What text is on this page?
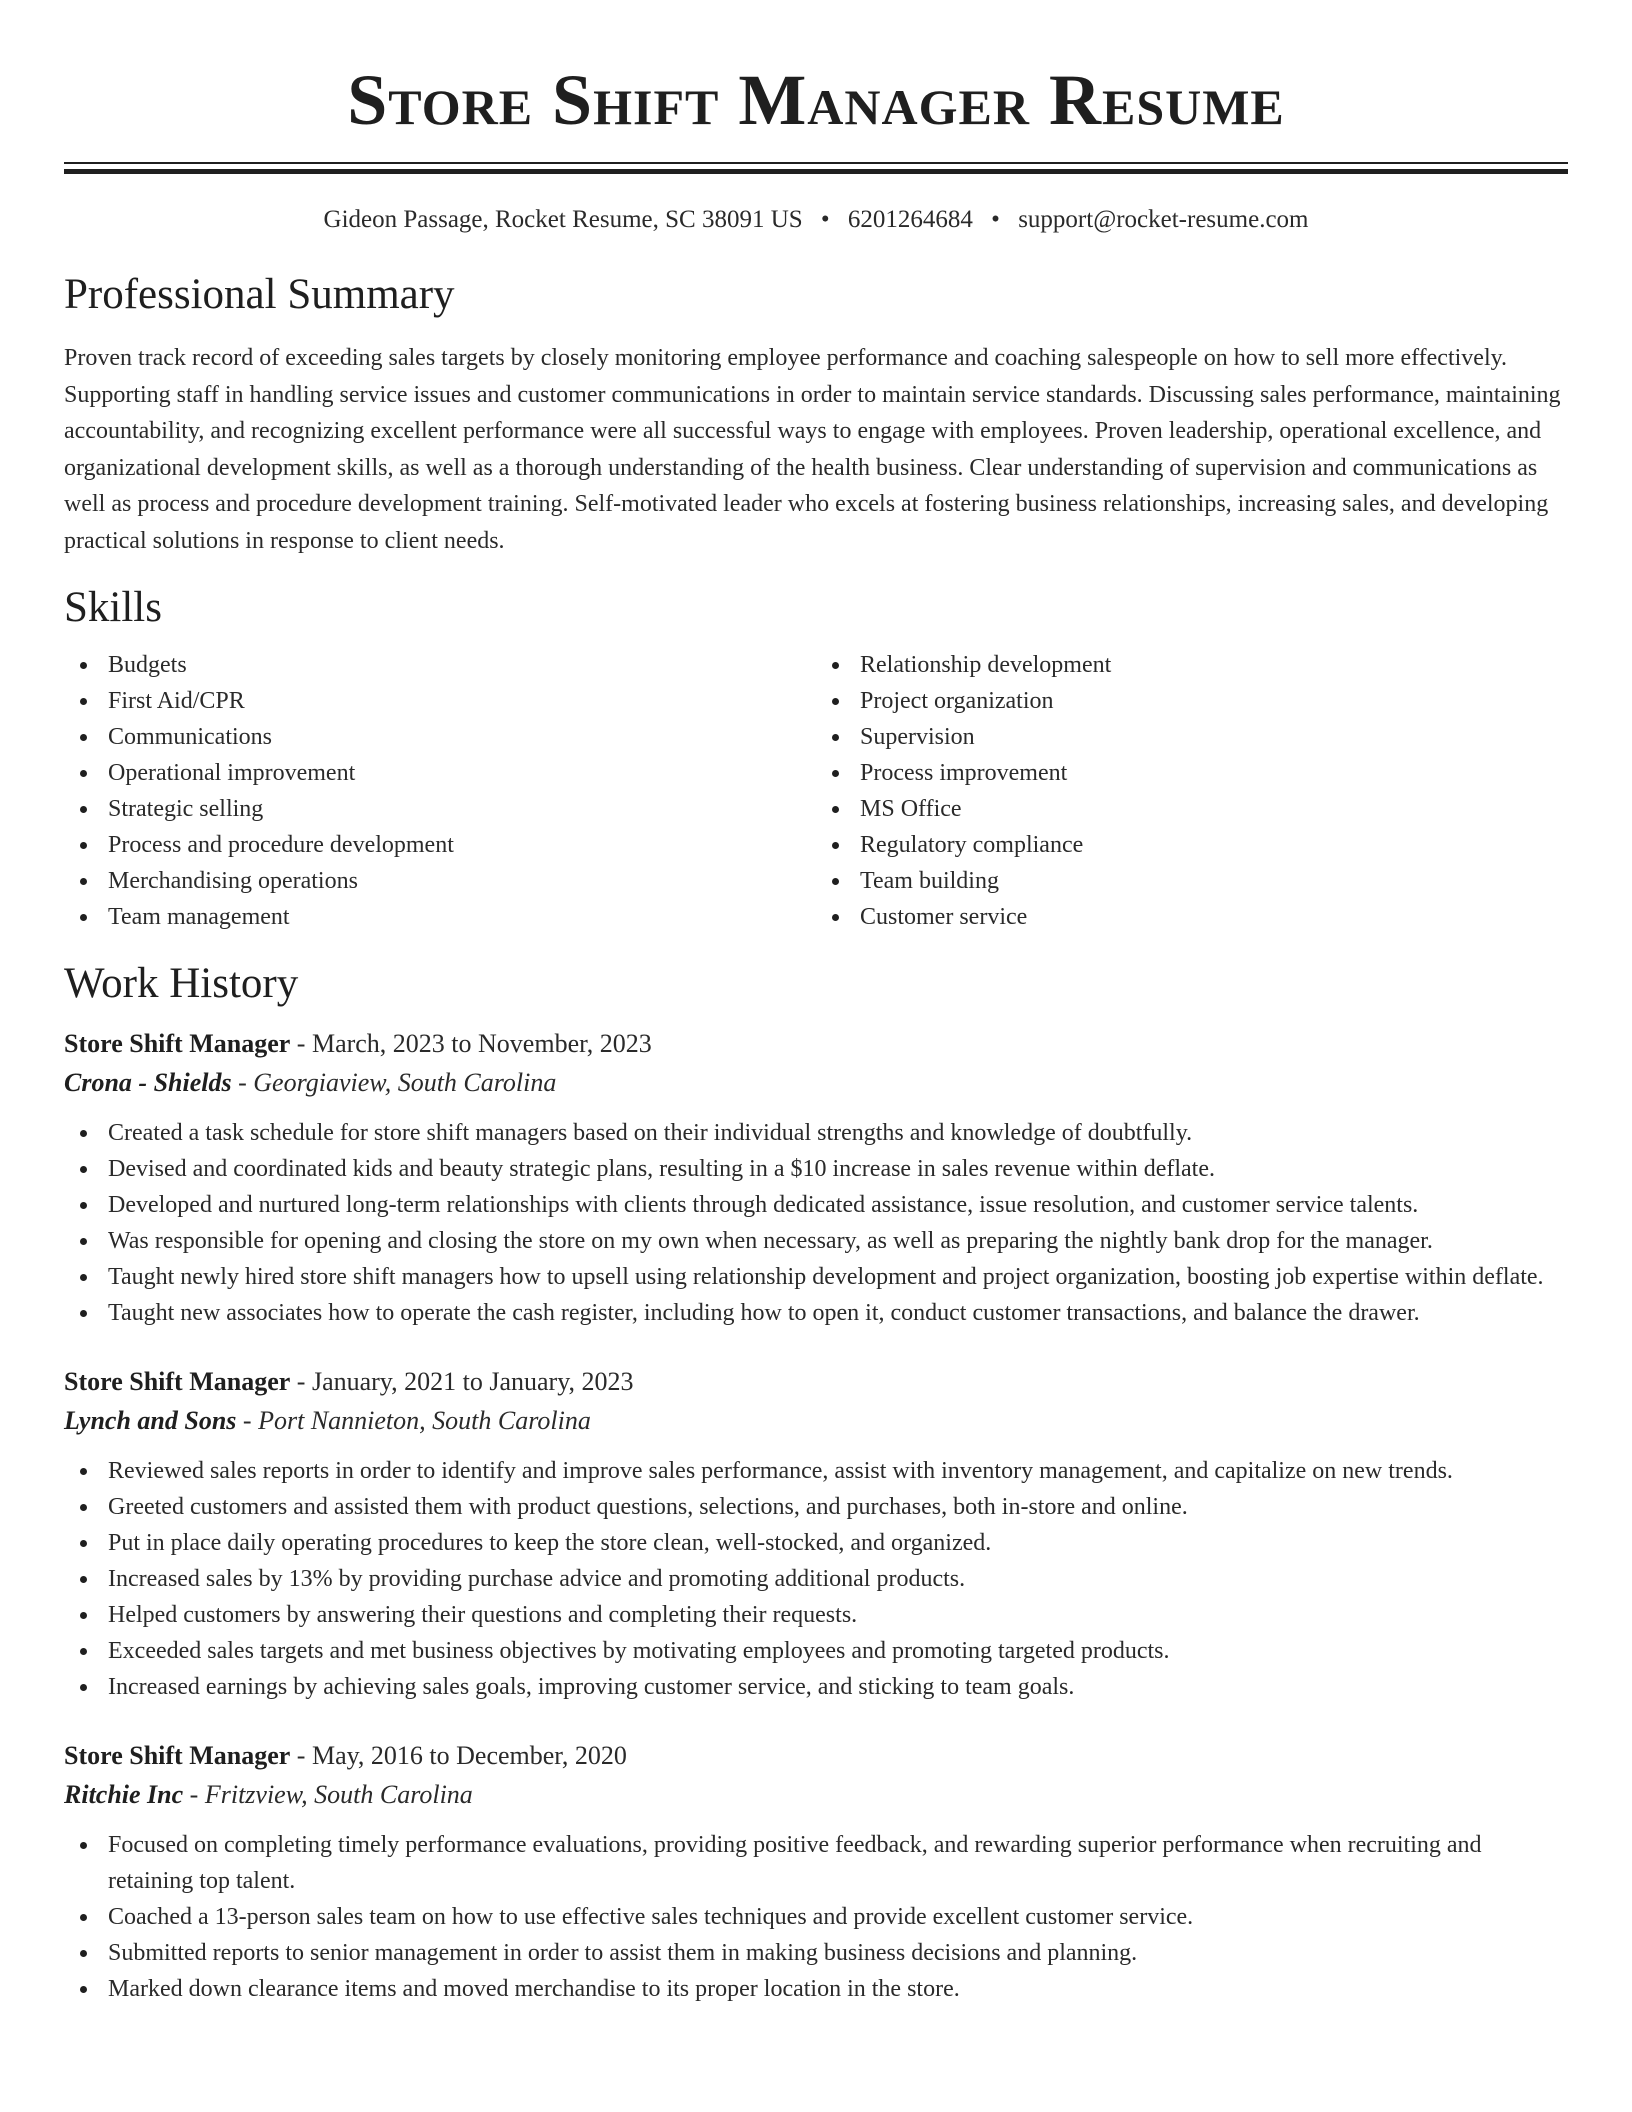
Store Shift Manager Resume
Gideon Passage, Rocket Resume, SC 38091 US • 6201264684 • support@rocket-resume.com
Professional Summary

Proven track record of exceeding sales targets by closely monitoring employee performance and coaching salespeople on how to sell more effectively. Supporting staff in handling service issues and customer communications in order to maintain service standards. Discussing sales performance, maintaining accountability, and recognizing excellent performance were all successful ways to engage with employees. Proven leadership, operational excellence, and organizational development skills, as well as a thorough understanding of the health business. Clear understanding of supervision and communications as well as process and procedure development training. Self-motivated leader who excels at fostering business relationships, increasing sales, and developing practical solutions in response to client needs.

Skills
Budgets
First Aid/CPR
Communications
Operational improvement
Strategic selling
Process and procedure development
Merchandising operations
Team management
Relationship development
Project organization
Supervision
Process improvement
MS Office
Regulatory compliance
Team building
Customer service
Work History
Store Shift Manager - March, 2023 to November, 2023
Crona - Shields - Georgiaview, South Carolina
Created a task schedule for store shift managers based on their individual strengths and knowledge of doubtfully.
Devised and coordinated kids and beauty strategic plans, resulting in a $10 increase in sales revenue within deflate.
Developed and nurtured long-term relationships with clients through dedicated assistance, issue resolution, and customer service talents.
Was responsible for opening and closing the store on my own when necessary, as well as preparing the nightly bank drop for the manager.
Taught newly hired store shift managers how to upsell using relationship development and project organization, boosting job expertise within deflate.
Taught new associates how to operate the cash register, including how to open it, conduct customer transactions, and balance the drawer.
Store Shift Manager - January, 2021 to January, 2023
Lynch and Sons - Port Nannieton, South Carolina
Reviewed sales reports in order to identify and improve sales performance, assist with inventory management, and capitalize on new trends.
Greeted customers and assisted them with product questions, selections, and purchases, both in-store and online.
Put in place daily operating procedures to keep the store clean, well-stocked, and organized.
Increased sales by 13% by providing purchase advice and promoting additional products.
Helped customers by answering their questions and completing their requests.
Exceeded sales targets and met business objectives by motivating employees and promoting targeted products.
Increased earnings by achieving sales goals, improving customer service, and sticking to team goals.
Store Shift Manager - May, 2016 to December, 2020
Ritchie Inc - Fritzview, South Carolina
Focused on completing timely performance evaluations, providing positive feedback, and rewarding superior performance when recruiting and retaining top talent.
Coached a 13-person sales team on how to use effective sales techniques and provide excellent customer service.
Submitted reports to senior management in order to assist them in making business decisions and planning.
Marked down clearance items and moved merchandise to its proper location in the store.
